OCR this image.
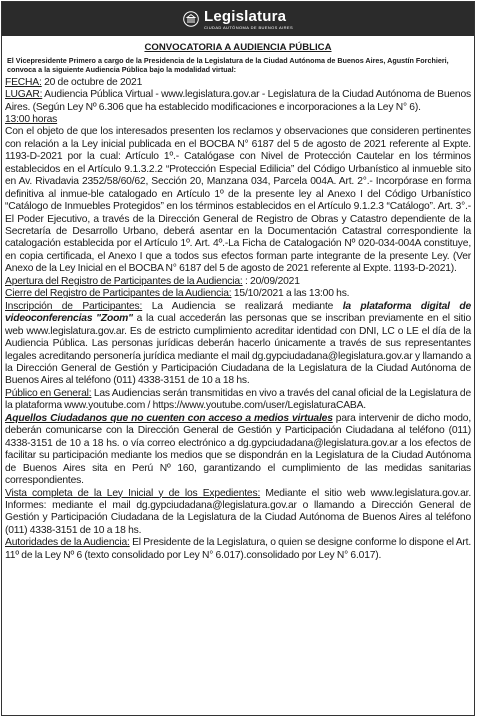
Legislatura
CIUDAD AUTÓNOMA DE BUENOS AIRES
CONVOCATORIA A AUDIENCIA PÚBLICA
El Vicepresidente Primero a cargo de la Presidencia de la Legislatura de la Ciudad Autónoma de Buenos Aires, Agustín Forchieri, convoca a la siguiente Audiencia Pública bajo la modalidad virtual:

FECHA: 20 de octubre de 2021

LUGAR: Audiencia Pública Virtual - www.legislatura.gov.ar - Legislatura de la Ciudad Autónoma de Buenos Aires. (Según Ley Nº 6.306 que ha establecido modificaciones e incorporaciones a la Ley N° 6).

13:00 horas

Con el objeto de que los interesados presenten los reclamos y observaciones que consideren pertinentes con relación a la Ley inicial publicada en el BOCBA N° 6187 del 5 de agosto de 2021 referente al Expte. 1193-D-2021 por la cual: Artículo 1º.- Catalógase con Nivel de Protección Cautelar en los términos establecidos en el Artículo 9.1.3.2.2 “Protección Especial Edilicia” del Código Urbanístico al inmueble sito en Av. Rivadavia 2352/58/60/62, Sección 20, Manzana 034, Parcela 004A. Art. 2°.- Incorpórase en forma definitiva al inmue-ble catalogado en Artículo 1º de la presente ley al Anexo I del Código Urbanístico “Catálogo de Inmuebles Protegidos” en los términos establecidos en el Artículo 9.1.2.3 “Catálogo”. Art. 3°.- El Poder Ejecutivo, a través de la Dirección General de Registro de Obras y Catastro dependiente de la Secretaría de Desarrollo Urbano, deberá asentar en la Documentación Catastral correspondiente la catalogación establecida por el Artículo 1º. Art. 4º.-La Ficha de Catalogación Nº 020-034-004A constituye, en copia certificada, el Anexo I que a todos sus efectos forman parte integrante de la presente Ley. (Ver Anexo de la Ley Inicial en el BOCBA N° 6187 del 5 de agosto de 2021 referente al Expte. 1193-D-2021).

Apertura del Registro de Participantes de la Audiencia: : 20/09/2021

Cierre del Registro de Participantes de la Audiencia: 15/10/2021 a las 13:00 hs.

Inscripción de Participantes: La Audiencia se realizará mediante la plataforma digital de videoconferencias "Zoom" a la cual accederán las personas que se inscriban previamente en el sitio web www.legislatura.gov.ar. Es de estricto cumplimiento acreditar identidad con DNI, LC o LE el día de la Audiencia Pública. Las personas jurídicas deberán hacerlo únicamente a través de sus representantes legales acreditando personería jurídica mediante el mail dg.gypciudadana@legislatura.gov.ar y llamando a la Dirección General de Gestión y Participación Ciudadana de la Legislatura de la Ciudad Autónoma de Buenos Aires al teléfono (011) 4338-3151 de 10 a 18 hs.

Público en General: Las Audiencias serán transmitidas en vivo a través del canal oficial de la Legislatura de la plataforma www.youtube.com / https://www.youtube.com/user/LegislaturaCABA.

Aquellos Ciudadanos que no cuenten con acceso a medios virtuales para intervenir de dicho modo, deberán comunicarse con la Dirección General de Gestión y Participación Ciudadana al teléfono (011) 4338-3151 de 10 a 18 hs. o vía correo electrónico a dg.gypciudadana@legislatura.gov.ar a los efectos de facilitar su participación mediante los medios que se dispondrán en la Legislatura de la Ciudad Autónoma de Buenos Aires sita en Perú Nº 160, garantizando el cumplimiento de las medidas sanitarias correspondientes.

Vista completa de la Ley Inicial y de los Expedientes: Mediante el sitio web www.legislatura.gov.ar. Informes: mediante el mail dg.gypciudadana@legislatura.gov.ar o llamando a Dirección General de Gestión y Participación Ciudadana de la Legislatura de la Ciudad Autónoma de Buenos Aires al teléfono (011) 4338-3151 de 10 a 18 hs.

Autoridades de la Audiencia: El Presidente de la Legislatura, o quien se designe conforme lo dispone el Art. 11º de la Ley Nº 6 (texto consolidado por Ley N° 6.017).consolidado por Ley N° 6.017).
